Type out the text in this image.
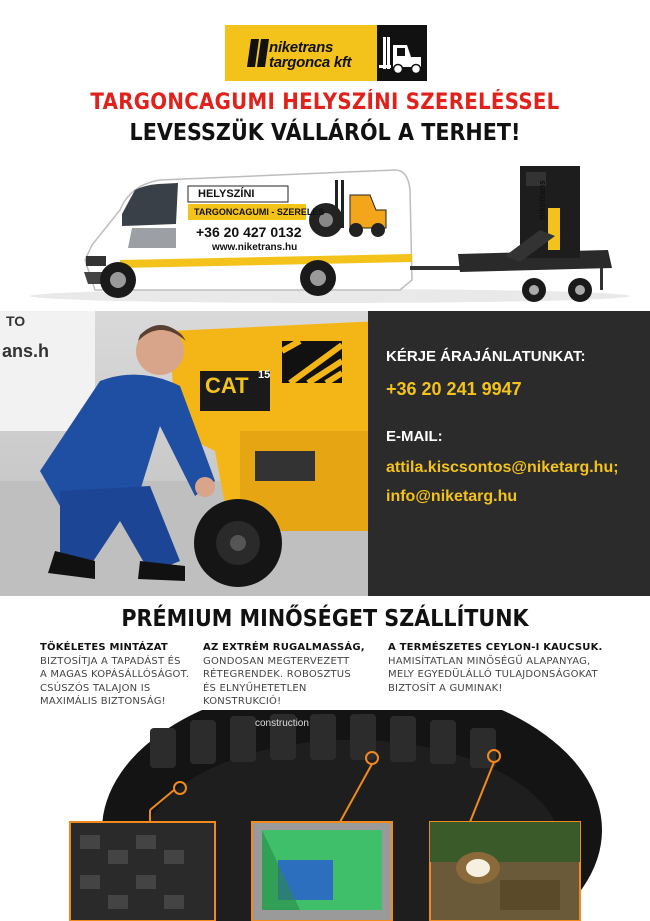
niketrans
targonca kft
TARGONCAGUMI HELYSZÍNI SZERELÉSSEL
LEVESSZÜK VÁLLÁRÓL A TERHET!
HELYSZÍNI
TARGONCAGUMI - SZERELÉS
+36 20 427 0132
www.niketrans.hu
niketrans
CAT 15
TO
ans.h	KÉRJE ÁRAJÁNLATUNKAT:
+36 20 241 9947
E-MAIL:
attila.kiscsontos@niketarg.hu;
info@niketarg.hu
PRÉMIUM MINŐSÉGET SZÁLLÍTUNK
TÖKÉLETES MINTÁZAT
BIZTOSÍTJA A TAPADÁST ÉS
A MAGAS KOPÁSÁLLÓSÁGOT.
CSÚSZÓS TALAJON IS
MAXIMÁLIS BIZTONSÁG!
AZ EXTRÉM RUGALMASSÁG,
GONDOSAN MEGTERVEZETT
RÉTEGRENDEK. ROBOSZTUS
ÉS ELNYŰHETETLEN
KONSTRUKCIÓ!
A TERMÉSZETES CEYLON-I KAUCSUK.
HAMISÍTATLAN MINŐSÉGŰ ALAPANYAG,
MELY EGYEDÜLÁLLÓ TULAJDONSÁGOKAT
BIZTOSÍT A GUMINAK!
construction
